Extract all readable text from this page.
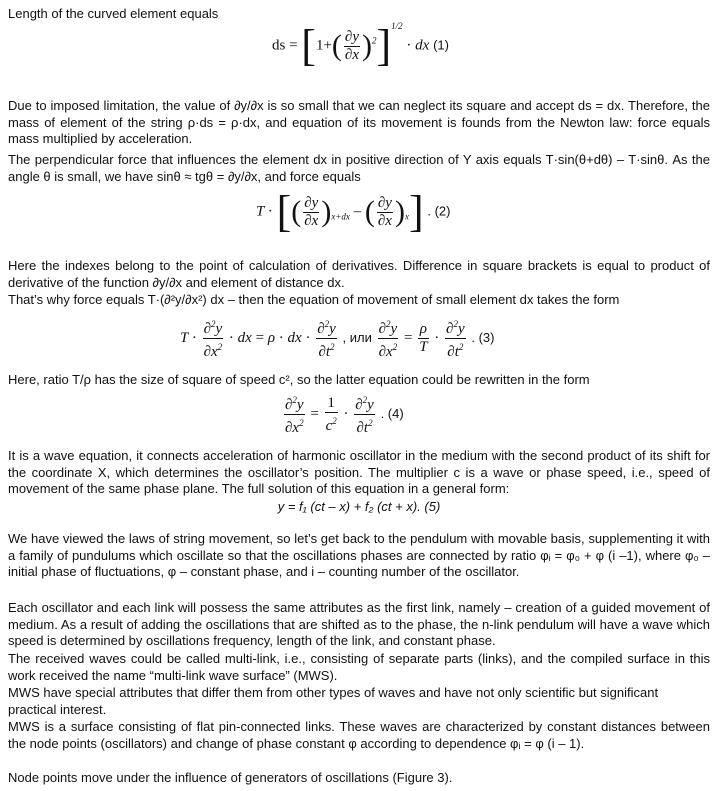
Length of the curved element equals
ds = $[1+( \frac{\partial y}{\partial x} )^2]^{1/2}$ · dx (1)
Due to imposed limitation, the value of ∂y/∂x is so small that we can neglect its square and accept ds = dx. Therefore, the mass of element of the string ρ·ds = ρ·dx, and equation of its movement is founds from the Newton law: force equals mass multiplied by acceleration.
The perpendicular force that influences the element dx in positive direction of Y axis equals T·sin(θ+dθ) – T·sinθ. As the angle θ is small, we have sinθ ≈ tgθ = ∂y/∂x, and force equals
T · [( $\frac{\partial y}{\partial x} )_{x+dx}$ – ( $\frac{\partial y}{\partial x} )_x$] . (2)
Here the indexes belong to the point of calculation of derivatives. Difference in square brackets is equal to product of derivative of the function ∂y/∂x and element of distance dx.
That’s why force equals T·(∂²y/∂x²) dx – then the equation of movement of small element dx takes the form
$T \cdot \frac{\partial^2y}{\partial x^2}$ · dx = ρ · dx · $\frac{\partial^2y}{\partial t^2}$ , или $\frac{\partial^2y}{\partial x^2} = \frac{\rho}{T} \cdot \frac{\partial^2y}{\partial t^2}$ . (3)
Here, ratio T/ρ has the size of square of speed c², so the latter equation could be rewritten in the form
$\frac{\partial^2y}{\partial x^2} = \frac{1}{c^2} \cdot \frac{\partial^2y}{\partial t^2}$ . (4)
It is a wave equation, it connects acceleration of harmonic oscillator in the medium with the second product of its shift for the coordinate X, which determines the oscillator’s position. The multiplier c is a wave or phase speed, i.e., speed of movement of the same phase plane. The full solution of this equation in a general form:
y = f₁ (ct – x) + f₂ (ct + x). (5)
We have viewed the laws of string movement, so let’s get back to the pendulum with movable basis, supplementing it with a family of pundulums which oscillate so that the oscillations phases are connected by ratio φᵢ = φ₀ + φ (i –1), where φ₀ – initial phase of fluctuations, φ – constant phase, and i – counting number of the oscillator.
Each oscillator and each link will possess the same attributes as the first link, namely – creation of a guided movement of medium. As a result of adding the oscillations that are shifted as to the phase, the n-link pendulum will have a wave which speed is determined by oscillations frequency, length of the link, and constant phase.
The received waves could be called multi-link, i.e., consisting of separate parts (links), and the compiled surface in this work received the name “multi-link wave surface” (MWS).
MWS have special attributes that differ them from other types of waves and have not only scientific but significant practical interest.
MWS is a surface consisting of flat pin-connected links. These waves are characterized by constant distances between the node points (oscillators) and change of phase constant φ according to dependence φᵢ = φ (i – 1).
Node points move under the influence of generators of oscillations (Figure 3).
